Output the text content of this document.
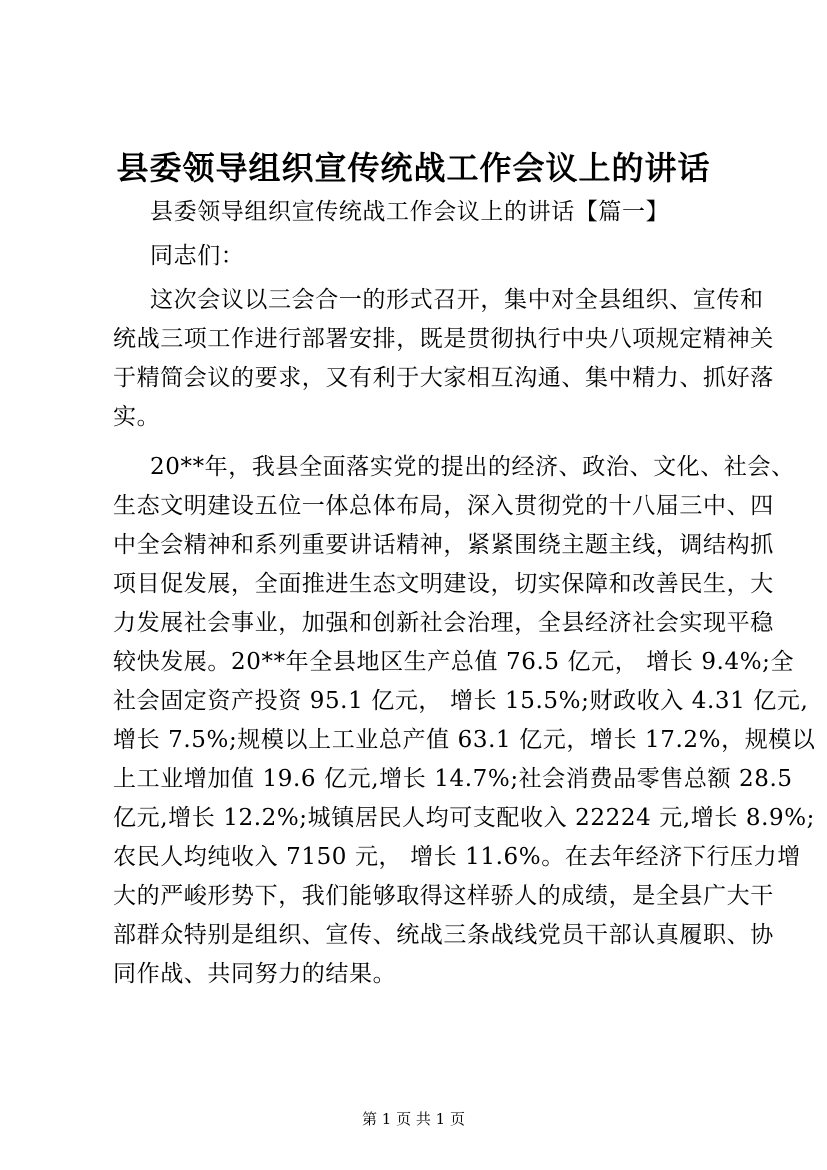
县委领导组织宣传统战工作会议上的讲话
县委领导组织宣传统战工作会议上的讲话【篇一】
同志们：
这次会议以三会合一的形式召开，集中对全县组织、宣传和
统战三项工作进行部署安排，既是贯彻执行中央八项规定精神关
于精简会议的要求，又有利于大家相互沟通、集中精力、抓好落
实。
20**年，我县全面落实党的提出的经济、政治、文化、社会、
生态文明建设五位一体总体布局，深入贯彻党的十八届三中、四
中全会精神和系列重要讲话精神，紧紧围绕主题主线，调结构抓
项目促发展，全面推进生态文明建设，切实保障和改善民生，大
力发展社会事业，加强和创新社会治理，全县经济社会实现平稳
较快发展。20**年全县地区生产总值 76.5 亿元， 增长 9.4%;全
社会固定资产投资 95.1 亿元， 增长 15.5%;财政收入 4.31 亿元,
增长 7.5%;规模以上工业总产值 63.1 亿元，增长 17.2%，规模以
上工业增加值 19.6 亿元,增长 14.7%;社会消费品零售总额 28.5
亿元,增长 12.2%;城镇居民人均可支配收入 22224 元,增长 8.9%;
农民人均纯收入 7150 元， 增长 11.6%。在去年经济下行压力增
大的严峻形势下，我们能够取得这样骄人的成绩，是全县广大干
部群众特别是组织、宣传、统战三条战线党员干部认真履职、协
同作战、共同努力的结果。
第 1 页 共 1 页
